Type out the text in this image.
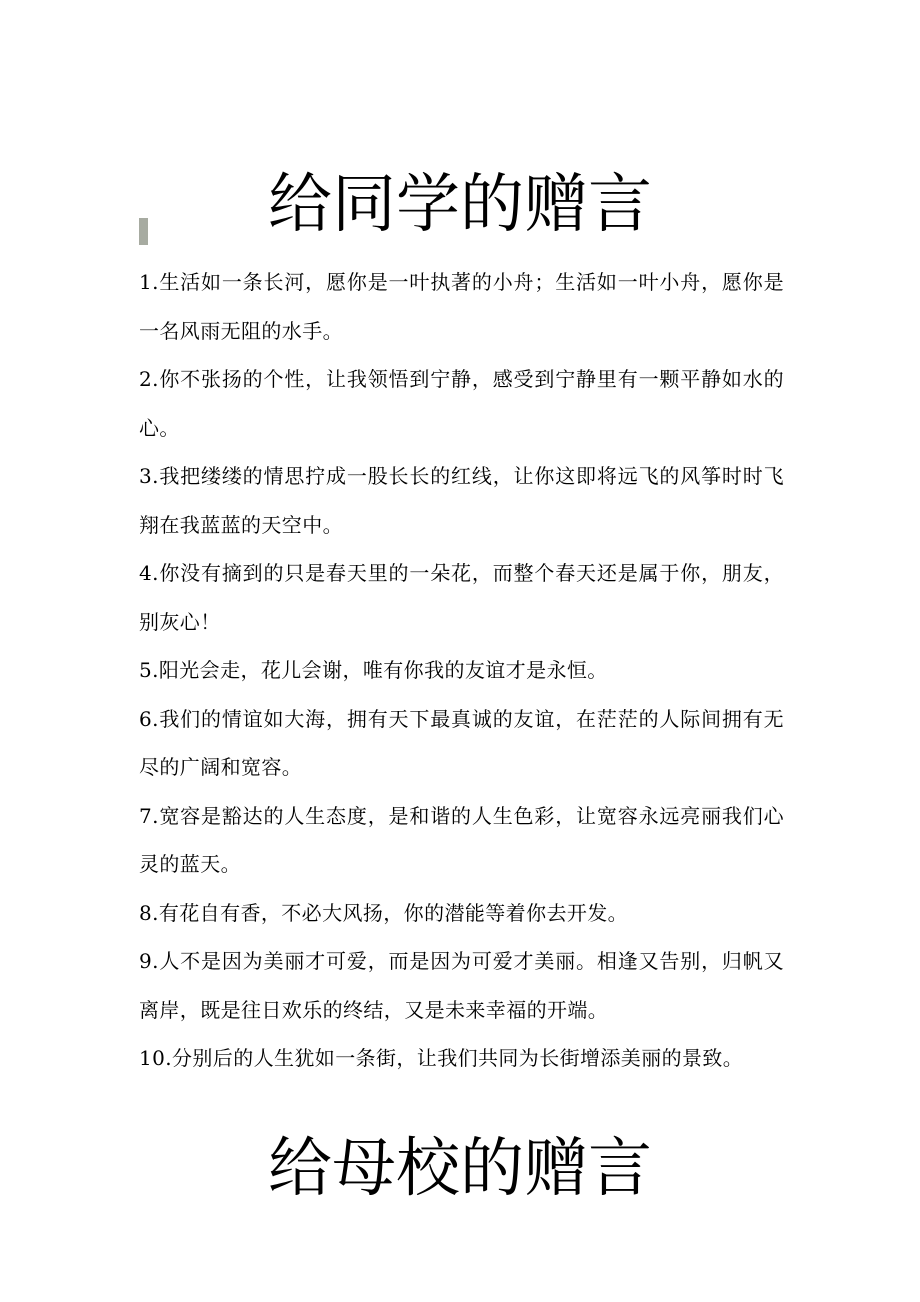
给同学的赠言
1.生活如一条长河，愿你是一叶执著的小舟；生活如一叶小舟，愿你是一名风雨无阻的水手。
2.你不张扬的个性，让我领悟到宁静，感受到宁静里有一颗平静如水的心。
3.我把缕缕的情思拧成一股长长的红线，让你这即将远飞的风筝时时飞翔在我蓝蓝的天空中。
4.你没有摘到的只是春天里的一朵花，而整个春天还是属于你，朋友，别灰心！
5.阳光会走，花儿会谢，唯有你我的友谊才是永恒。
6.我们的情谊如大海，拥有天下最真诚的友谊，在茫茫的人际间拥有无尽的广阔和宽容。
7.宽容是豁达的人生态度，是和谐的人生色彩，让宽容永远亮丽我们心灵的蓝天。
8.有花自有香，不必大风扬，你的潜能等着你去开发。
9.人不是因为美丽才可爱，而是因为可爱才美丽。相逢又告别，归帆又离岸，既是往日欢乐的终结，又是未来幸福的开端。
10.分别后的人生犹如一条街，让我们共同为长街增添美丽的景致。
给母校的赠言
